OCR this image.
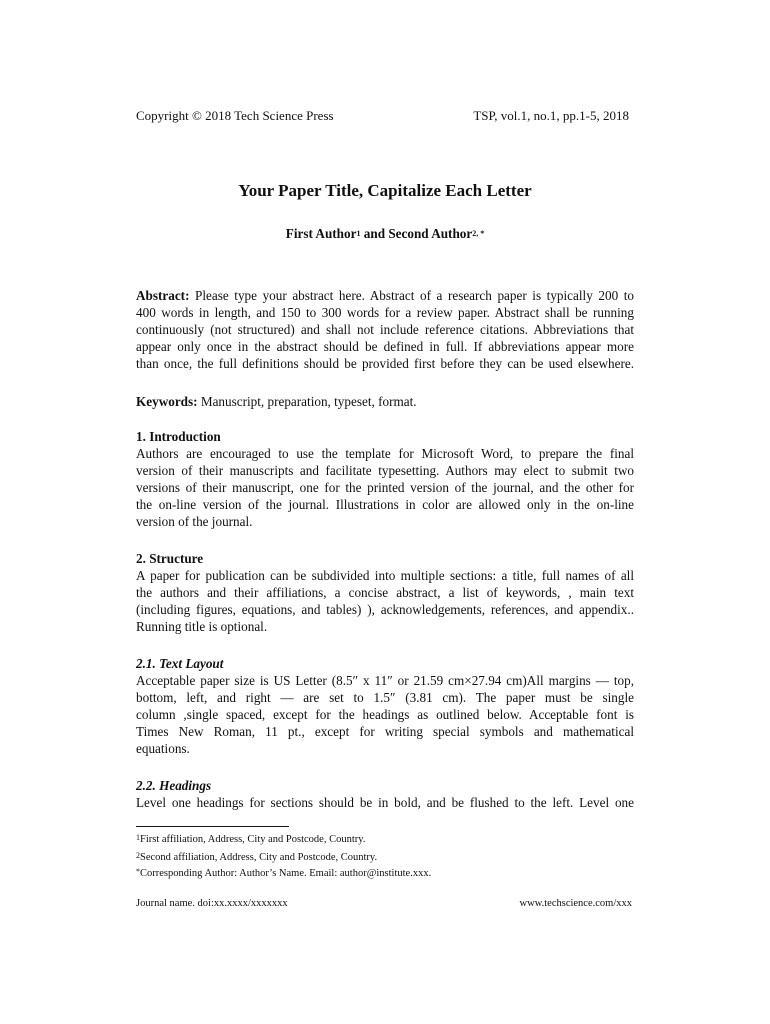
Copyright © 2018 Tech Science Press	TSP, vol.1, no.1, pp.1-5, 2018
Your Paper Title, Capitalize Each Letter
First Author$^1$ and Second Author$^{2, *}$
Abstract: Please type your abstract here. Abstract of a research paper is typically 200 to
400 words in length, and 150 to 300 words for a review paper. Abstract shall be running
continuously (not structured) and shall not include reference citations. Abbreviations that
appear only once in the abstract should be defined in full. If abbreviations appear more
than once, the full definitions should be provided first before they can be used elsewhere.
Keywords: Manuscript, preparation, typeset, format.
1. Introduction
Authors are encouraged to use the template for Microsoft Word, to prepare the final
version of their manuscripts and facilitate typesetting. Authors may elect to submit two
versions of their manuscript, one for the printed version of the journal, and the other for
the on-line version of the journal. Illustrations in color are allowed only in the on-line
version of the journal.
2. Structure
A paper for publication can be subdivided into multiple sections: a title, full names of all
the authors and their affiliations, a concise abstract, a list of keywords, , main text
(including figures, equations, and tables) ), acknowledgements, references, and appendix..
Running title is optional.
2.1. Text Layout
Acceptable paper size is US Letter (8.5″ x 11″ or 21.59 cm×27.94 cm)All margins — top,
bottom, left, and right — are set to 1.5″ (3.81 cm). The paper must be single
column ,single spaced, except for the headings as outlined below. Acceptable font is
Times New Roman, 11 pt., except for writing special symbols and mathematical
equations.
2.2. Headings
Level one headings for sections should be in bold, and be flushed to the left. Level one
$^1$First affiliation, Address, City and Postcode, Country.
$^2$Second affiliation, Address, City and Postcode, Country.
*Corresponding Author: Author’s Name. Email: author@institute.xxx.
Journal name. doi:xx.xxxx/xxxxxxx	www.techscience.com/xxx
